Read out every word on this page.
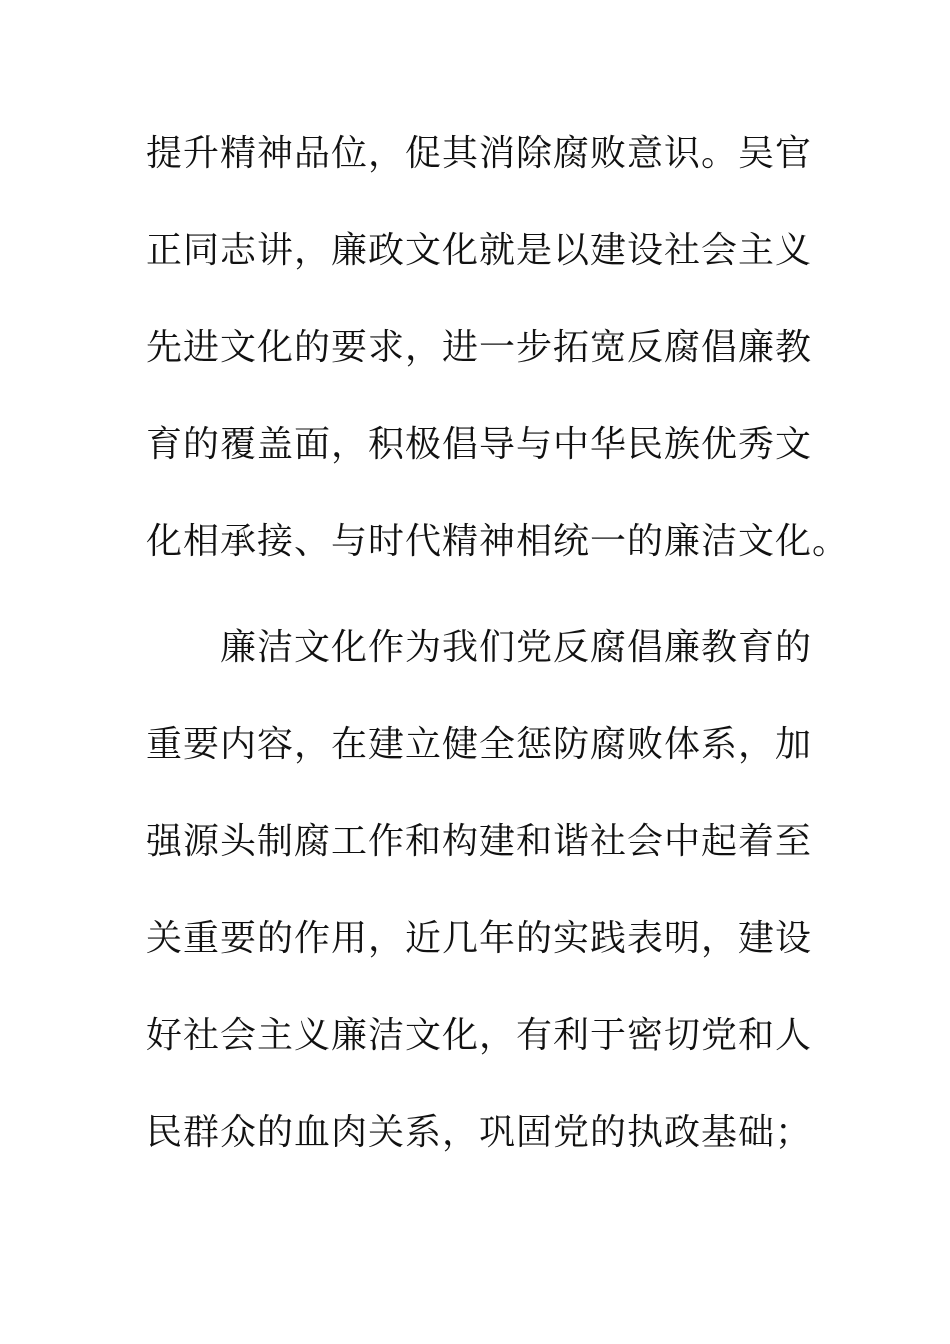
提升精神品位，促其消除腐败意识。吴官
正同志讲，廉政文化就是以建设社会主义
先进文化的要求，进一步拓宽反腐倡廉教
育的覆盖面，积极倡导与中华民族优秀文
化相承接、与时代精神相统一的廉洁文化。
　　廉洁文化作为我们党反腐倡廉教育的
重要内容，在建立健全惩防腐败体系，加
强源头制腐工作和构建和谐社会中起着至
关重要的作用，近几年的实践表明，建设
好社会主义廉洁文化，有利于密切党和人
民群众的血肉关系，巩固党的执政基础；
